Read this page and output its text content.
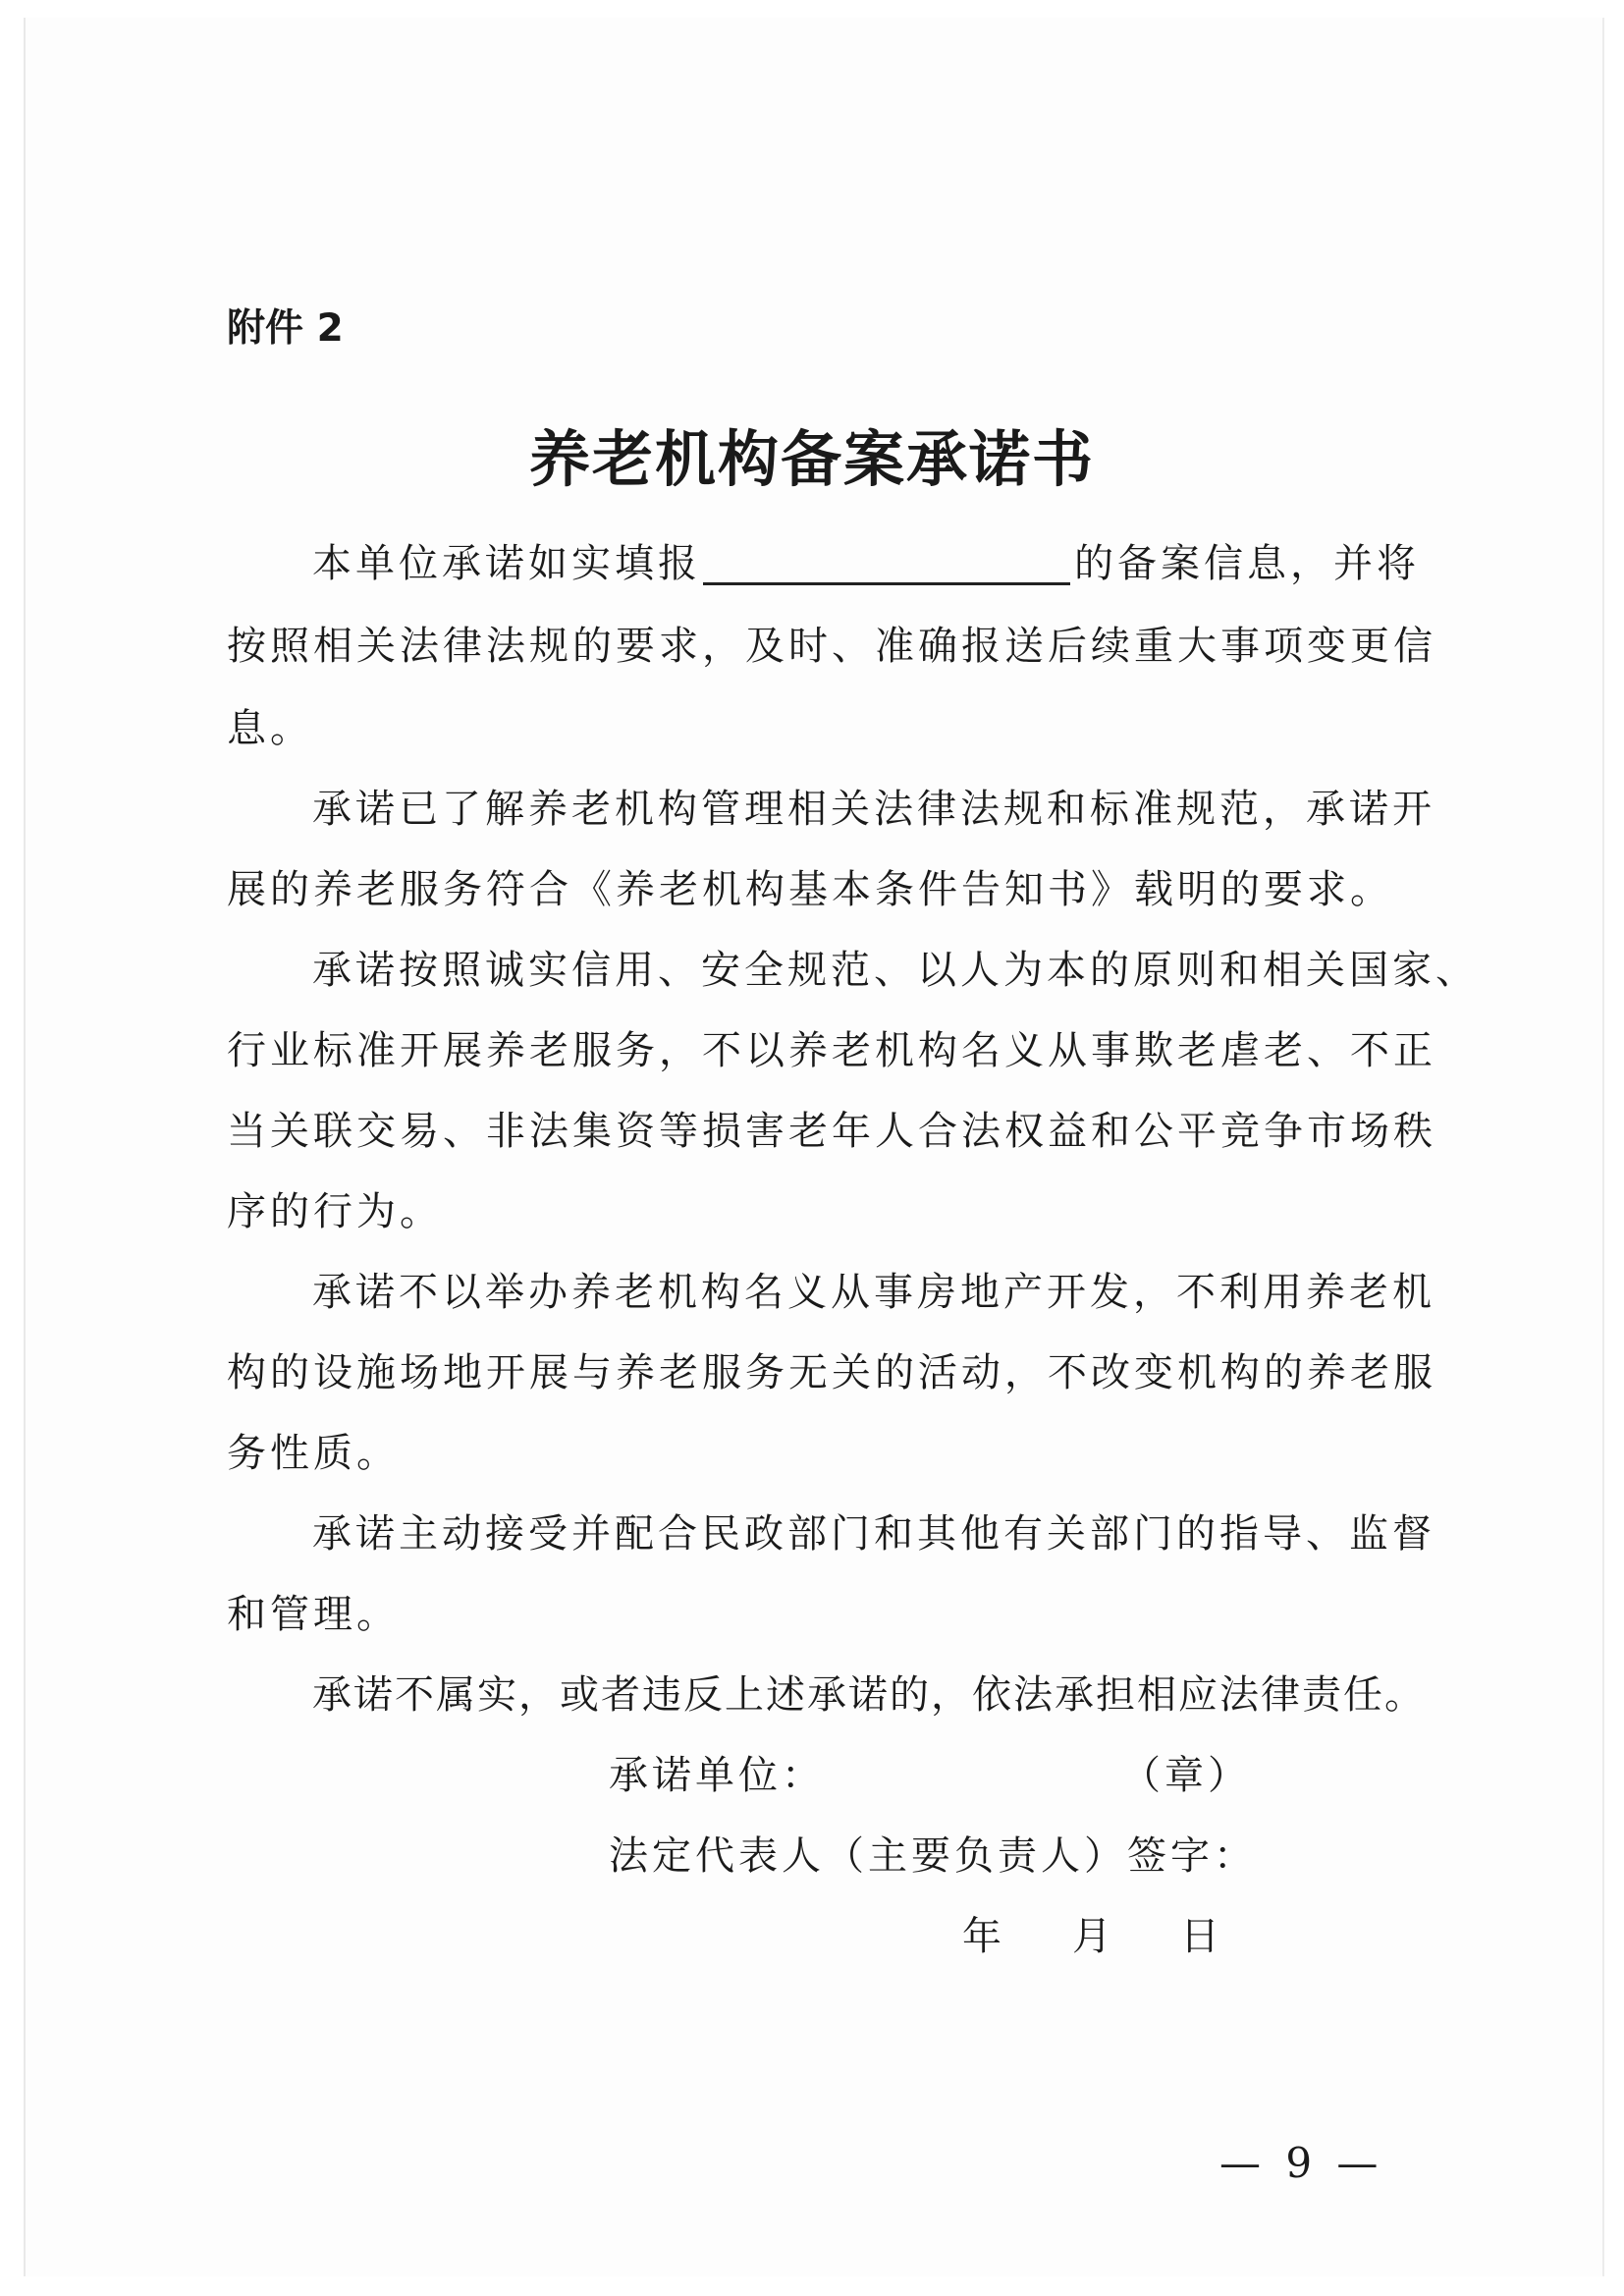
附件 2
养老机构备案承诺书
本单位承诺如实填报	的备案信息，并将
按照相关法律法规的要求，及时、准确报送后续重大事项变更信
息。
承诺已了解养老机构管理相关法律法规和标准规范，承诺开
展的养老服务符合《养老机构基本条件告知书》载明的要求。
承诺按照诚实信用、安全规范、以人为本的原则和相关国家、
行业标准开展养老服务，不以养老机构名义从事欺老虐老、不正
当关联交易、非法集资等损害老年人合法权益和公平竞争市场秩
序的行为。
承诺不以举办养老机构名义从事房地产开发，不利用养老机
构的设施场地开展与养老服务无关的活动，不改变机构的养老服
务性质。
承诺主动接受并配合民政部门和其他有关部门的指导、监督
和管理。
承诺不属实，或者违反上述承诺的，依法承担相应法律责任。
承诺单位：	（章）
法定代表人（主要负责人）签字：
年 月 日
— 9 —
